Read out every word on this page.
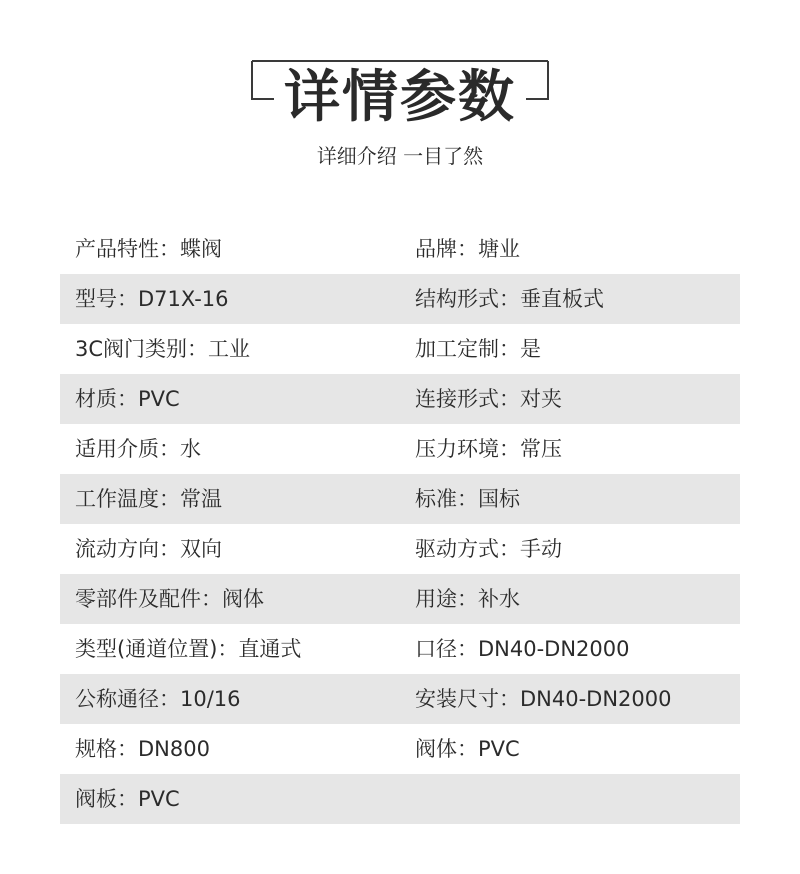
详情参数
详细介绍 一目了然
产品特性：蝶阀	品牌：塘业
型号：D71X-16	结构形式：垂直板式
3C阀门类别：工业	加工定制：是
材质：PVC	连接形式：对夹
适用介质：水	压力环境：常压
工作温度：常温	标准：国标
流动方向：双向	驱动方式：手动
零部件及配件：阀体	用途：补水
类型(通道位置)：直通式	口径：DN40-DN2000
公称通径：10/16	安装尺寸：DN40-DN2000
规格：DN800	阀体：PVC
阀板：PVC
